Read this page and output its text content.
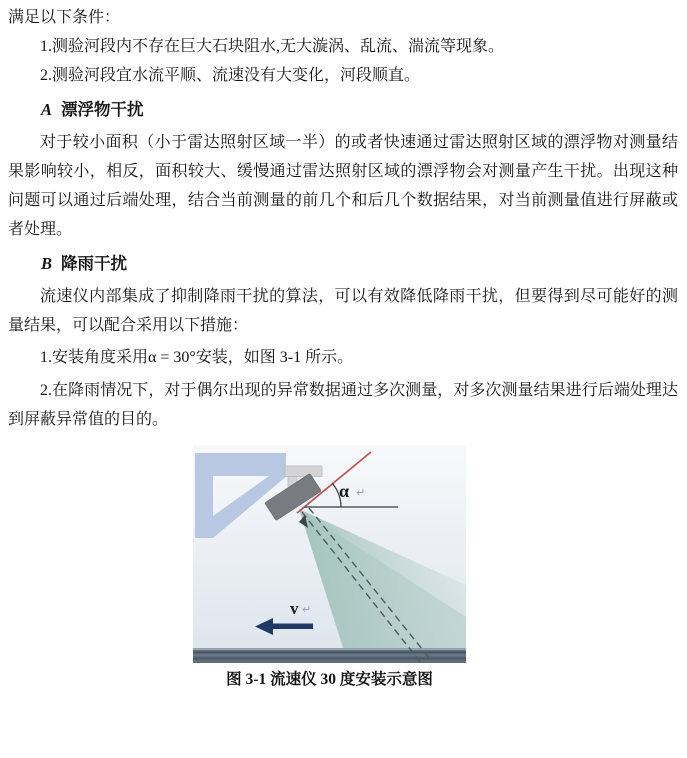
满足以下条件：

1.测验河段内不存在巨大石块阻水,无大漩涡、乱流、湍流等现象。

2.测验河段宜水流平顺、流速没有大变化，河段顺直。

A 漂浮物干扰

对于较小面积（小于雷达照射区域一半）的或者快速通过雷达照射区域的漂浮物对测量结果影响较小，相反，面积较大、缓慢通过雷达照射区域的漂浮物会对测量产生干扰。出现这种问题可以通过后端处理，结合当前测量的前几个和后几个数据结果，对当前测量值进行屏蔽或者处理。

B 降雨干扰

流速仪内部集成了抑制降雨干扰的算法，可以有效降低降雨干扰，但要得到尽可能好的测量结果，可以配合采用以下措施：

1.安装角度采用α = 30°安装，如图 3-1 所示。

2.在降雨情况下，对于偶尔出现的异常数据通过多次测量，对多次测量结果进行后端处理达到屏蔽异常值的目的。

α ↵
v ↵
图 3-1 流速仪 30 度安装示意图
